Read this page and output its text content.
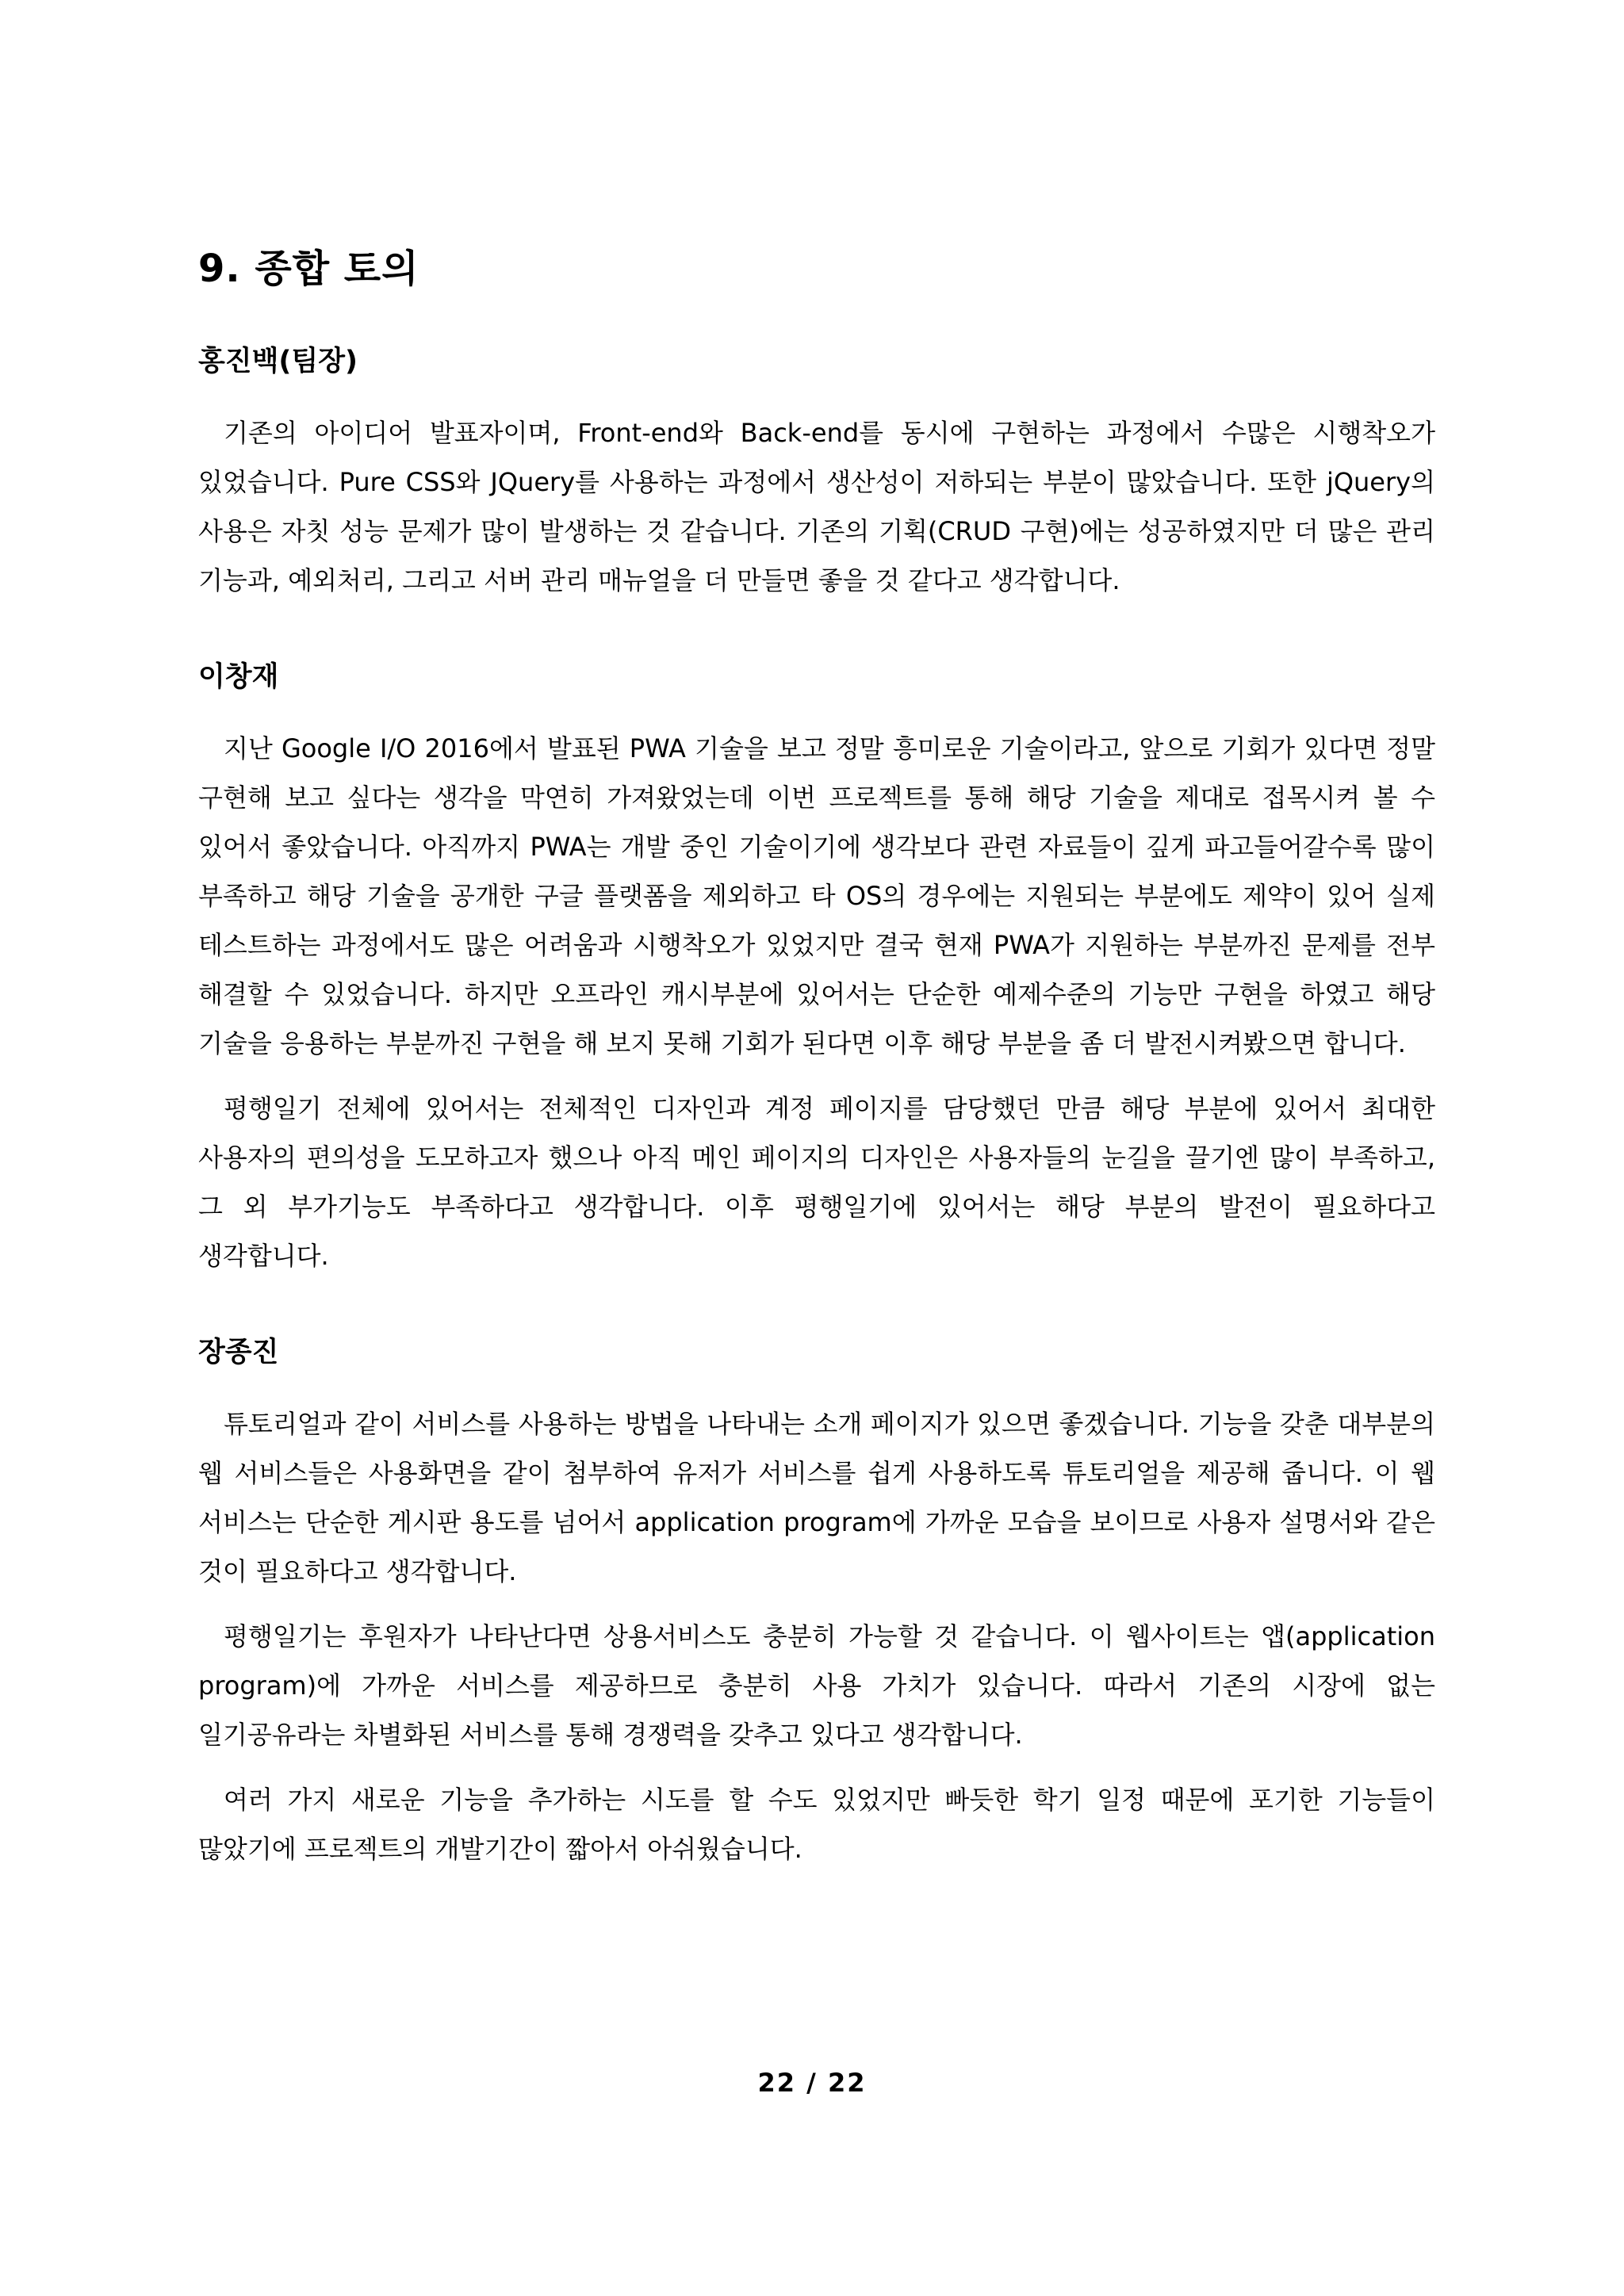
9. 종합 토의
홍진백(팀장)

기존의 아이디어 발표자이며, Front-end와 Back-end를 동시에 구현하는 과정에서 수많은 시행착오가 있었습니다. Pure CSS와 JQuery를 사용하는 과정에서 생산성이 저하되는 부분이 많았습니다. 또한 jQuery의 사용은 자칫 성능 문제가 많이 발생하는 것 같습니다. 기존의 기획(CRUD 구현)에는 성공하였지만 더 많은 관리 기능과, 예외처리, 그리고 서버 관리 매뉴얼을 더 만들면 좋을 것 같다고 생각합니다.

이창재

지난 Google I/O 2016에서 발표된 PWA 기술을 보고 정말 흥미로운 기술이라고, 앞으로 기회가 있다면 정말 구현해 보고 싶다는 생각을 막연히 가져왔었는데 이번 프로젝트를 통해 해당 기술을 제대로 접목시켜 볼 수 있어서 좋았습니다. 아직까지 PWA는 개발 중인 기술이기에 생각보다 관련 자료들이 깊게 파고들어갈수록 많이 부족하고 해당 기술을 공개한 구글 플랫폼을 제외하고 타 OS의 경우에는 지원되는 부분에도 제약이 있어 실제 테스트하는 과정에서도 많은 어려움과 시행착오가 있었지만 결국 현재 PWA가 지원하는 부분까진 문제를 전부 해결할 수 있었습니다. 하지만 오프라인 캐시부분에 있어서는 단순한 예제수준의 기능만 구현을 하였고 해당 기술을 응용하는 부분까진 구현을 해 보지 못해 기회가 된다면 이후 해당 부분을 좀 더 발전시켜봤으면 합니다.

평행일기 전체에 있어서는 전체적인 디자인과 계정 페이지를 담당했던 만큼 해당 부분에 있어서 최대한 사용자의 편의성을 도모하고자 했으나 아직 메인 페이지의 디자인은 사용자들의 눈길을 끌기엔 많이 부족하고, 그 외 부가기능도 부족하다고 생각합니다. 이후 평행일기에 있어서는 해당 부분의 발전이 필요하다고 생각합니다.

장종진

튜토리얼과 같이 서비스를 사용하는 방법을 나타내는 소개 페이지가 있으면 좋겠습니다. 기능을 갖춘 대부분의 웹 서비스들은 사용화면을 같이 첨부하여 유저가 서비스를 쉽게 사용하도록 튜토리얼을 제공해 줍니다. 이 웹 서비스는 단순한 게시판 용도를 넘어서 application program에 가까운 모습을 보이므로 사용자 설명서와 같은 것이 필요하다고 생각합니다.

평행일기는 후원자가 나타난다면 상용서비스도 충분히 가능할 것 같습니다. 이 웹사이트는 앱(application program)에 가까운 서비스를 제공하므로 충분히 사용 가치가 있습니다. 따라서 기존의 시장에 없는 일기공유라는 차별화된 서비스를 통해 경쟁력을 갖추고 있다고 생각합니다.

여러 가지 새로운 기능을 추가하는 시도를 할 수도 있었지만 빠듯한 학기 일정 때문에 포기한 기능들이 많았기에 프로젝트의 개발기간이 짧아서 아쉬웠습니다.

22 / 22
